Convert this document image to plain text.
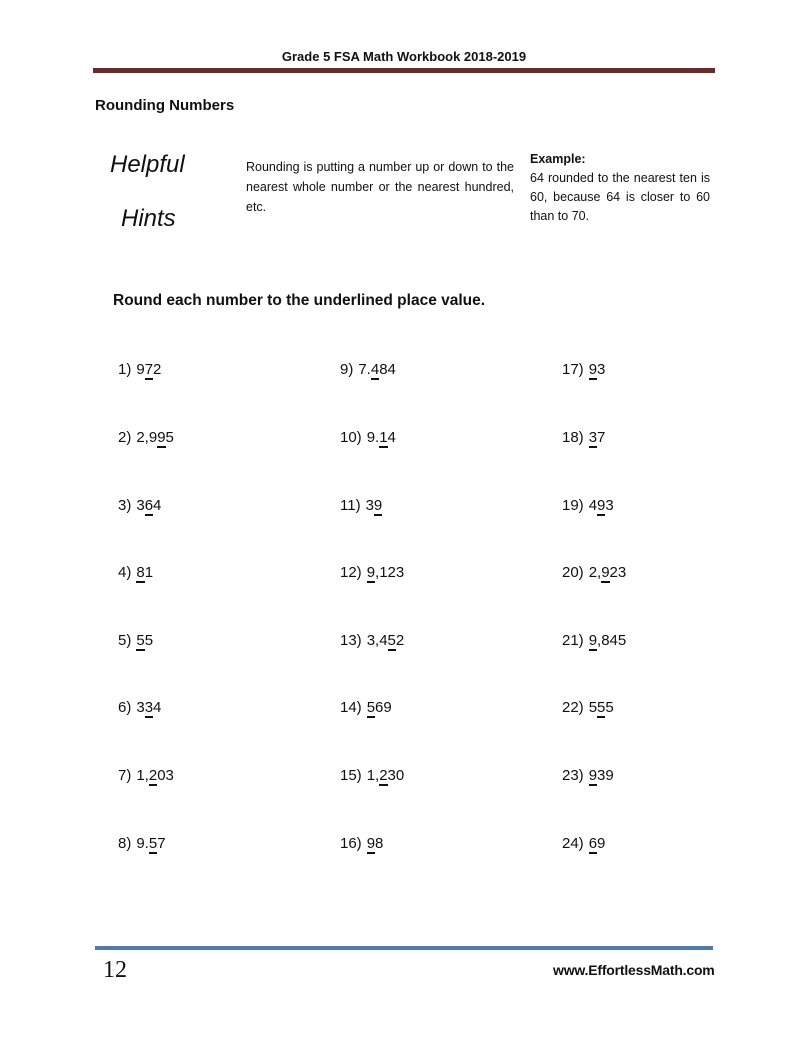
Grade 5 FSA Math Workbook 2018-2019
Rounding Numbers
Helpful
Hints
Rounding is putting a number up or down to the nearest whole number or the nearest hundred, etc.
Example:
64 rounded to the nearest ten is 60, because 64 is closer to 60 than to 70.
Round each number to the underlined place value.
1) 972
2) 2,995
3) 364
4) 81
5) 55
6) 334
7) 1,203
8) 9.57
9) 7.484
10) 9.14
11) 39
12) 9,123
13) 3,452
14) 569
15) 1,230
16) 98
17) 93
18) 37
19) 493
20) 2,923
21) 9,845
22) 555
23) 939
24) 69
12	www.EffortlessMath.com
